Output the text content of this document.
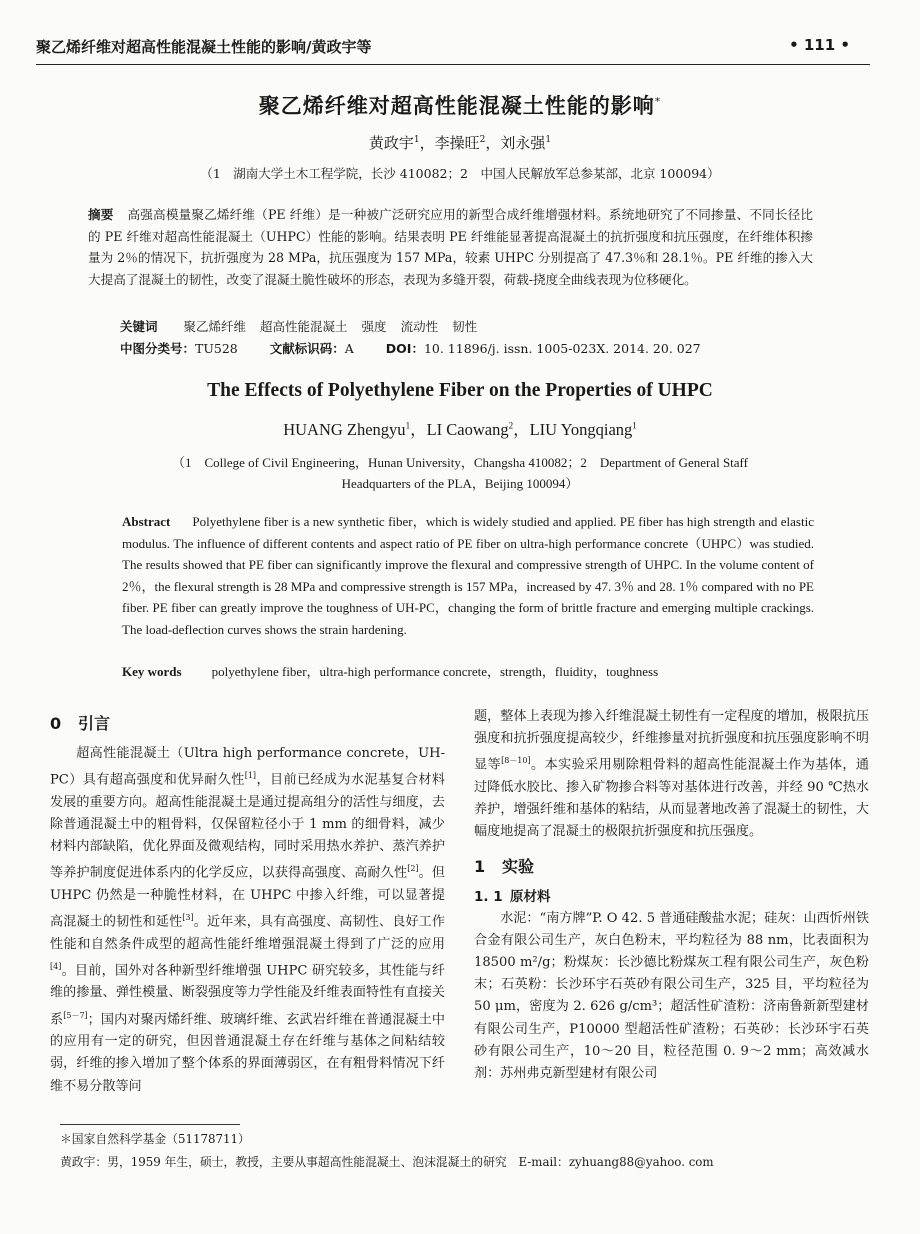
聚乙烯纤维对超高性能混凝土性能的影响/黄政宇等	• 111 •
聚乙烯纤维对超高性能混凝土性能的影响*
黄政宇$^1$，李操旺$^2$，刘永强$^1$
（1　湖南大学土木工程学院，长沙 410082；2　中国人民解放军总参某部，北京 100094）
摘要 高强高模量聚乙烯纤维（PE 纤维）是一种被广泛研究应用的新型合成纤维增强材料。系统地研究了不同掺量、不同长径比的 PE 纤维对超高性能混凝土（UHPC）性能的影响。结果表明 PE 纤维能显著提高混凝土的抗折强度和抗压强度，在纤维体积掺量为 2％的情况下，抗折强度为 28 MPa，抗压强度为 157 MPa，较素 UHPC 分别提高了 47.3％和 28.1％。PE 纤维的掺入大大提高了混凝土的韧性，改变了混凝土脆性破坏的形态，表现为多缝开裂，荷载-挠度全曲线表现为位移硬化。
关键词 聚乙烯纤维 超高性能混凝土 强度 流动性 韧性
中图分类号：TU528	文献标识码：A	DOI：10. 11896/j. issn. 1005-023X. 2014. 20. 027
The Effects of Polyethylene Fiber on the Properties of UHPC
HUANG Zhengyu$^1$，LI Caowang$^2$，LIU Yongqiang$^1$
（1　College of Civil Engineering，Hunan University，Changsha 410082；2　Department of General Staff
Headquarters of the PLA，Beijing 100094）
Abstract Polyethylene fiber is a new synthetic fiber，which is widely studied and applied. PE fiber has high strength and elastic modulus. The influence of different contents and aspect ratio of PE fiber on ultra-high performance concrete（UHPC）was studied. The results showed that PE fiber can significantly improve the flexural and compressive strength of UHPC. In the volume content of 2％，the flexural strength is 28 MPa and compressive strength is 157 MPa，increased by 47. 3％ and 28. 1％ compared with no PE fiber. PE fiber can greatly improve the toughness of UH-PC，changing the form of brittle fracture and emerging multiple crackings. The load-deflection curves shows the strain hardening.
Key words polyethylene fiber，ultra-high performance concrete，strength，fluidity，toughness
0 引言

超高性能混凝土（Ultra high performance concrete，UH-PC）具有超高强度和优异耐久性[1]，目前已经成为水泥基复合材料发展的重要方向。超高性能混凝土是通过提高组分的活性与细度，去除普通混凝土中的粗骨料，仅保留粒径小于 1 mm 的细骨料，减少材料内部缺陷，优化界面及微观结构，同时采用热水养护、蒸汽养护等养护制度促进体系内的化学反应，以获得高强度、高耐久性[2]。但 UHPC 仍然是一种脆性材料，在 UHPC 中掺入纤维，可以显著提高混凝土的韧性和延性[3]。近年来，具有高强度、高韧性、良好工作性能和自然条件成型的超高性能纤维增强混凝土得到了广泛的应用[4]。目前，国外对各种新型纤维增强 UHPC 研究较多，其性能与纤维的掺量、弹性模量、断裂强度等力学性能及纤维表面特性有直接关系[5－7]；国内对聚丙烯纤维、玻璃纤维、玄武岩纤维在普通混凝土中的应用有一定的研究，但因普通混凝土存在纤维与基体之间粘结较弱，纤维的掺入增加了整个体系的界面薄弱区，在有粗骨料情况下纤维不易分散等问

题，整体上表现为掺入纤维混凝土韧性有一定程度的增加，极限抗压强度和抗折强度提高较少，纤维掺量对抗折强度和抗压强度影响不明显等[8－10]。本实验采用剔除粗骨料的超高性能混凝土作为基体，通过降低水胶比、掺入矿物掺合料等对基体进行改善，并经 90 ℃热水养护，增强纤维和基体的粘结，从而显著地改善了混凝土的韧性，大幅度地提高了混凝土的极限抗折强度和抗压强度。

1 实验
1. 1 原材料

水泥：“南方牌”P. O 42. 5 普通硅酸盐水泥；硅灰：山西忻州铁合金有限公司生产，灰白色粉末，平均粒径为 88 nm，比表面积为 18500 m²/g；粉煤灰：长沙德比粉煤灰工程有限公司生产，灰色粉末；石英粉：长沙环宇石英砂有限公司生产，325 目，平均粒径为 50 μm，密度为 2. 626 g/cm³；超活性矿渣粉：济南鲁新新型建材有限公司生产，P10000 型超活性矿渣粉；石英砂：长沙环宇石英砂有限公司生产，10～20 目，粒径范围 0. 9～2 mm；高效减水剂：苏州弗克新型建材有限公司

＊国家自然科学基金（51178711）
黄政宇：男，1959 年生，硕士，教授，主要从事超高性能混凝土、泡沫混凝土的研究　E-mail：zyhuang88@yahoo. com
